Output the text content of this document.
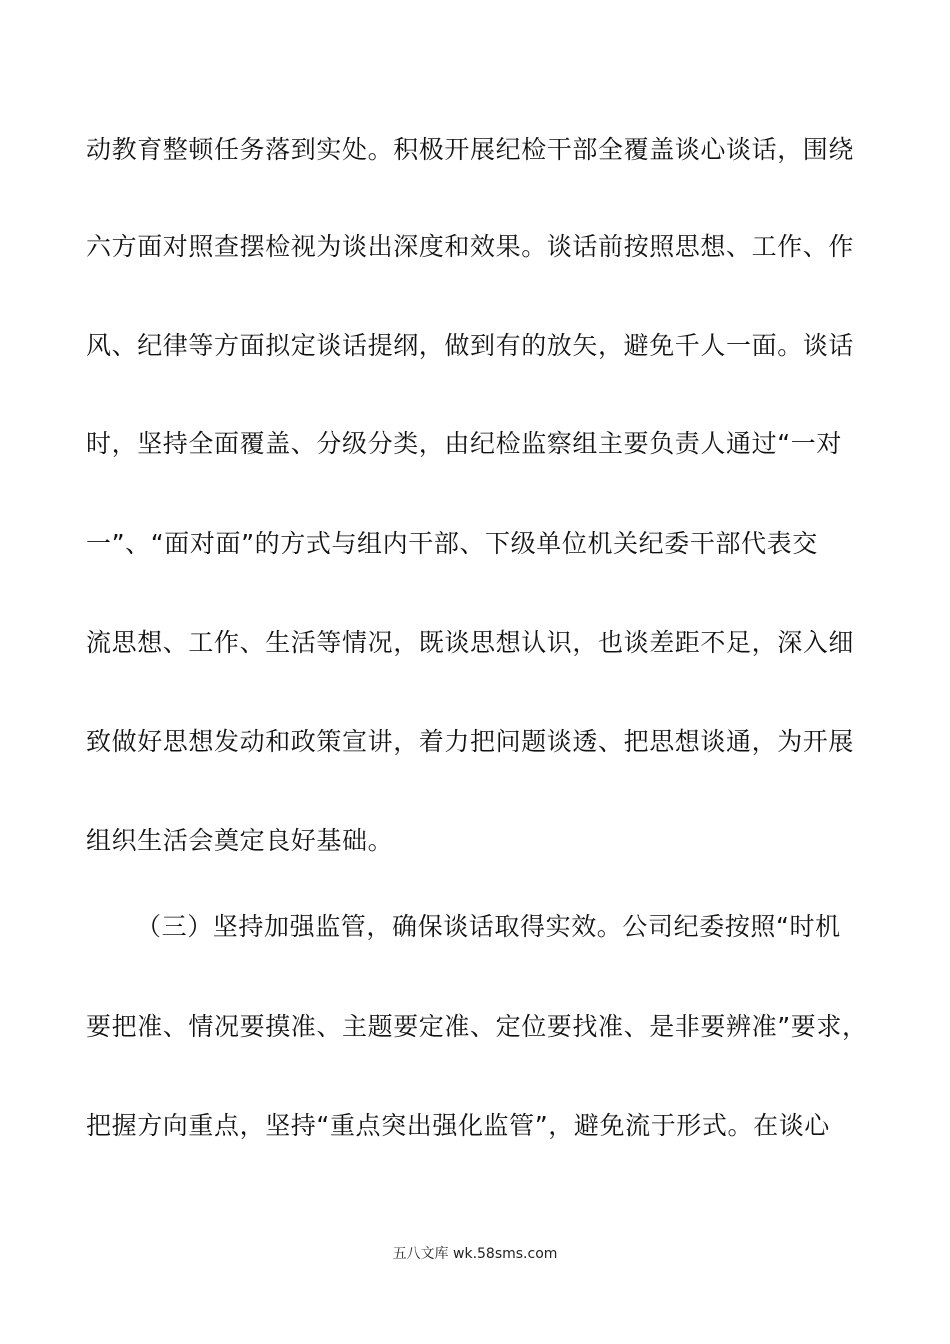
动教育整顿任务落到实处。积极开展纪检干部全覆盖谈心谈话，围绕
六方面对照查摆检视为谈出深度和效果。谈话前按照思想、工作、作
风、纪律等方面拟定谈话提纲，做到有的放矢，避免千人一面。谈话
时，坚持全面覆盖、分级分类，由纪检监察组主要负责人通过“一对
一”、“面对面”的方式与组内干部、下级单位机关纪委干部代表交
流思想、工作、生活等情况，既谈思想认识，也谈差距不足，深入细
致做好思想发动和政策宣讲，着力把问题谈透、把思想谈通，为开展
组织生活会奠定良好基础。
（三）坚持加强监管，确保谈话取得实效。公司纪委按照“时机
要把准、情况要摸准、主题要定准、定位要找准、是非要辨准”要求，
把握方向重点，坚持“重点突出强化监管”，避免流于形式。在谈心
五八文库 wk.58sms.com
